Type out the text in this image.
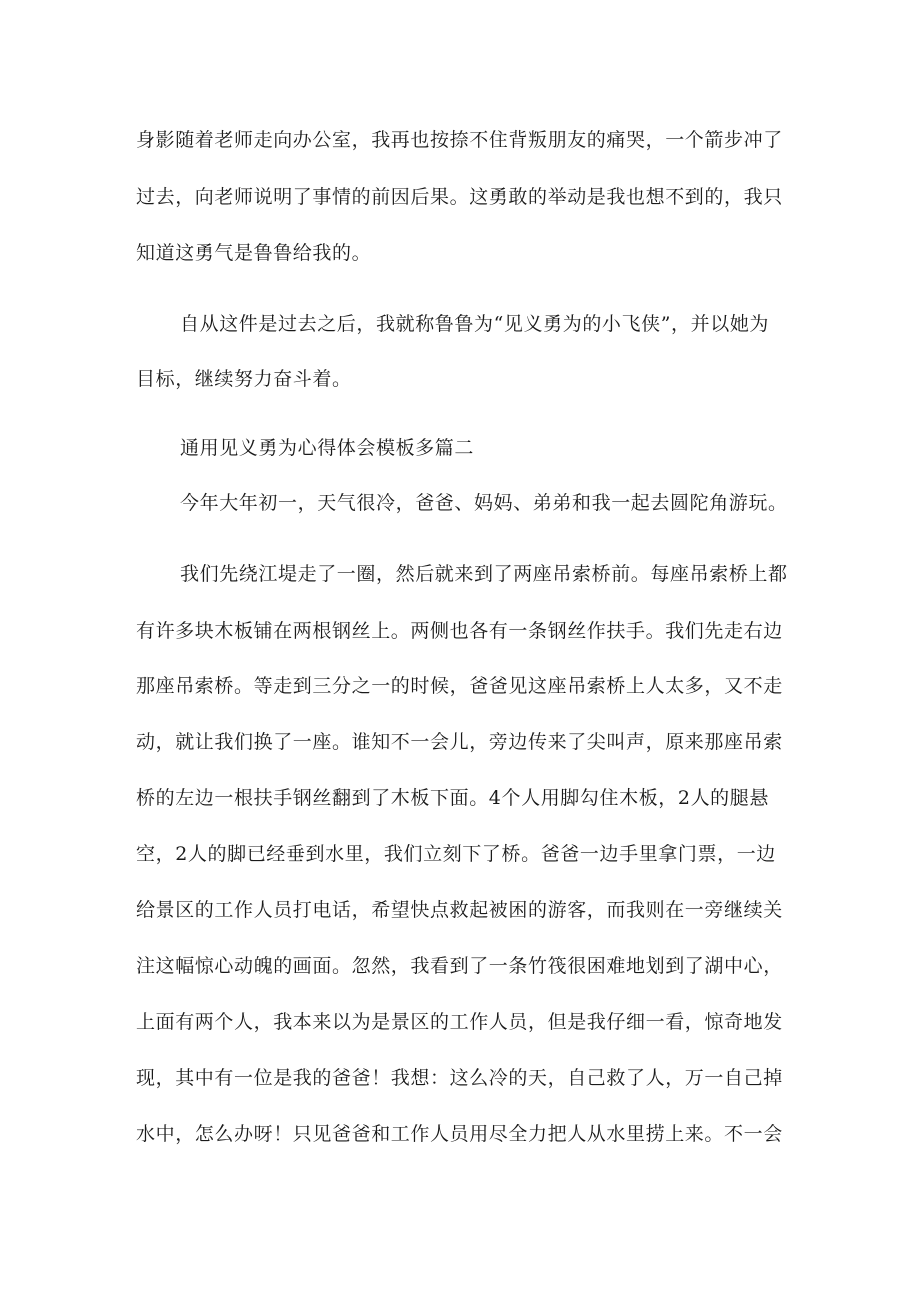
身影随着老师走向办公室，我再也按捺不住背叛朋友的痛哭，一个箭步冲了
过去，向老师说明了事情的前因后果。这勇敢的举动是我也想不到的，我只
知道这勇气是鲁鲁给我的。
自从这件是过去之后，我就称鲁鲁为“见义勇为的小飞侠”，并以她为
目标，继续努力奋斗着。
通用见义勇为心得体会模板多篇二
今年大年初一，天气很冷，爸爸、妈妈、弟弟和我一起去圆陀角游玩。
我们先绕江堤走了一圈，然后就来到了两座吊索桥前。每座吊索桥上都
有许多块木板铺在两根钢丝上。两侧也各有一条钢丝作扶手。我们先走右边
那座吊索桥。等走到三分之一的时候，爸爸见这座吊索桥上人太多，又不走
动，就让我们换了一座。谁知不一会儿，旁边传来了尖叫声，原来那座吊索
桥的左边一根扶手钢丝翻到了木板下面。4个人用脚勾住木板，2人的腿悬
空，2人的脚已经垂到水里，我们立刻下了桥。爸爸一边手里拿门票，一边
给景区的工作人员打电话，希望快点救起被困的游客，而我则在一旁继续关
注这幅惊心动魄的画面。忽然，我看到了一条竹筏很困难地划到了湖中心，
上面有两个人，我本来以为是景区的工作人员，但是我仔细一看，惊奇地发
现，其中有一位是我的爸爸！我想：这么冷的天，自己救了人，万一自己掉
水中，怎么办呀！只见爸爸和工作人员用尽全力把人从水里捞上来。不一会
